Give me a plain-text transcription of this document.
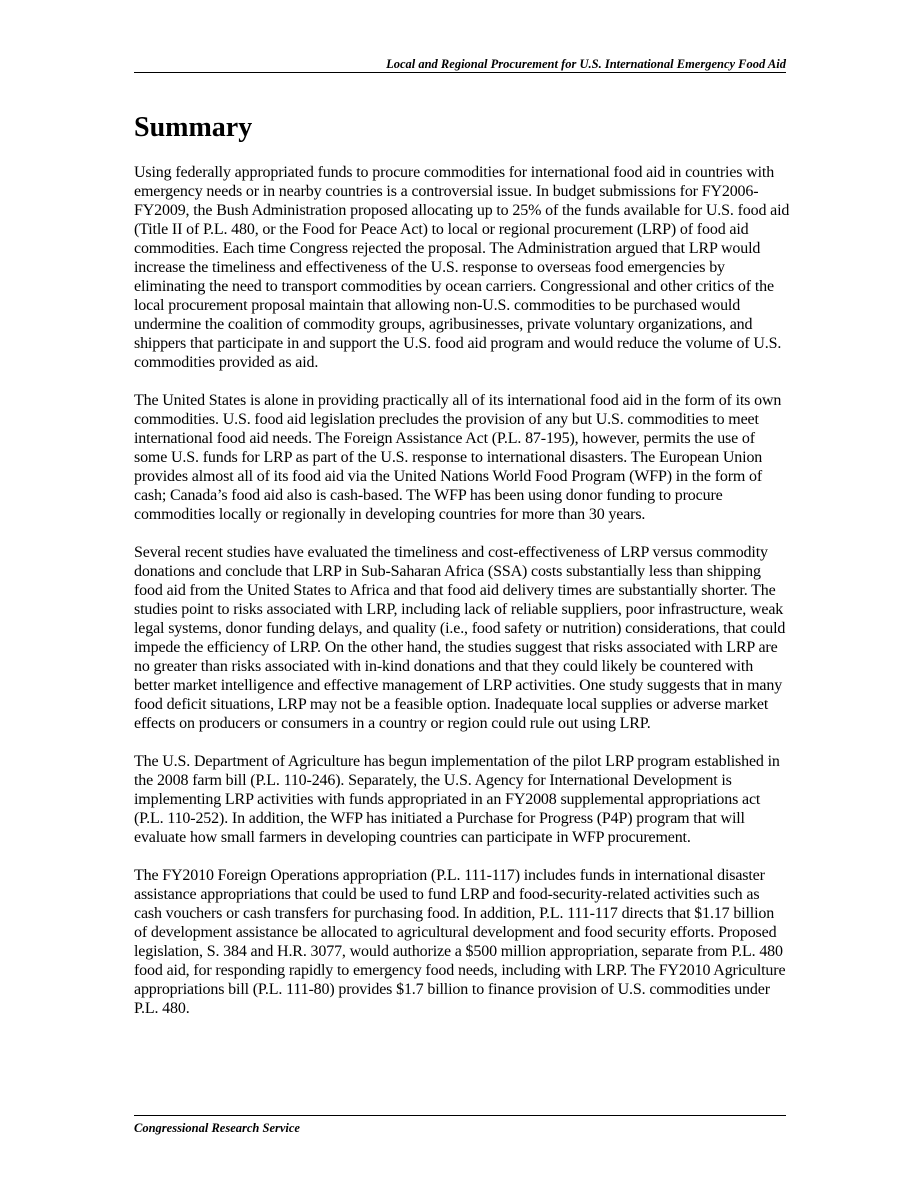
Local and Regional Procurement for U.S. International Emergency Food Aid
Summary

Using federally appropriated funds to procure commodities for international food aid in countries with emergency needs or in nearby countries is a controversial issue. In budget submissions for FY2006-FY2009, the Bush Administration proposed allocating up to 25% of the funds available for U.S. food aid (Title II of P.L. 480, or the Food for Peace Act) to local or regional procurement (LRP) of food aid commodities. Each time Congress rejected the proposal. The Administration argued that LRP would increase the timeliness and effectiveness of the U.S. response to overseas food emergencies by eliminating the need to transport commodities by ocean carriers. Congressional and other critics of the local procurement proposal maintain that allowing non-U.S. commodities to be purchased would undermine the coalition of commodity groups, agribusinesses, private voluntary organizations, and shippers that participate in and support the U.S. food aid program and would reduce the volume of U.S. commodities provided as aid.

The United States is alone in providing practically all of its international food aid in the form of its own commodities. U.S. food aid legislation precludes the provision of any but U.S. commodities to meet international food aid needs. The Foreign Assistance Act (P.L. 87-195), however, permits the use of some U.S. funds for LRP as part of the U.S. response to international disasters. The European Union provides almost all of its food aid via the United Nations World Food Program (WFP) in the form of cash; Canada’s food aid also is cash-based. The WFP has been using donor funding to procure commodities locally or regionally in developing countries for more than 30 years.

Several recent studies have evaluated the timeliness and cost-effectiveness of LRP versus commodity donations and conclude that LRP in Sub-Saharan Africa (SSA) costs substantially less than shipping food aid from the United States to Africa and that food aid delivery times are substantially shorter. The studies point to risks associated with LRP, including lack of reliable suppliers, poor infrastructure, weak legal systems, donor funding delays, and quality (i.e., food safety or nutrition) considerations, that could impede the efficiency of LRP. On the other hand, the studies suggest that risks associated with LRP are no greater than risks associated with in-kind donations and that they could likely be countered with better market intelligence and effective management of LRP activities. One study suggests that in many food deficit situations, LRP may not be a feasible option. Inadequate local supplies or adverse market effects on producers or consumers in a country or region could rule out using LRP.

The U.S. Department of Agriculture has begun implementation of the pilot LRP program established in the 2008 farm bill (P.L. 110-246). Separately, the U.S. Agency for International Development is implementing LRP activities with funds appropriated in an FY2008 supplemental appropriations act (P.L. 110-252). In addition, the WFP has initiated a Purchase for Progress (P4P) program that will evaluate how small farmers in developing countries can participate in WFP procurement.

The FY2010 Foreign Operations appropriation (P.L. 111-117) includes funds in international disaster assistance appropriations that could be used to fund LRP and food-security-related activities such as cash vouchers or cash transfers for purchasing food. In addition, P.L. 111-117 directs that $1.17 billion of development assistance be allocated to agricultural development and food security efforts. Proposed legislation, S. 384 and H.R. 3077, would authorize a $500 million appropriation, separate from P.L. 480 food aid, for responding rapidly to emergency food needs, including with LRP. The FY2010 Agriculture appropriations bill (P.L. 111-80) provides $1.7 billion to finance provision of U.S. commodities under P.L. 480.

Congressional Research Service
